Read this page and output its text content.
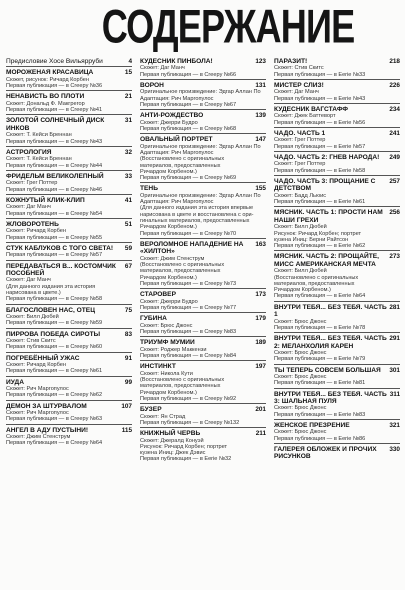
СОДЕРЖАНИЕ
Предисловие Хосе Вильярруби	4
МОРОЖЕНАЯ КРАСАВИЦА	15
Сюжет, рисунок: Ричард Корбен
Первая публикация — в Creepy №36
НЕНАВИСТЬ ВО ПЛОТИ	21
Сюжет: Дональд Ф. Макгрегор
Первая публикация — в Creepy №41
ЗОЛОТОЙ СОЛНЕЧНЫЙ ДИСК ИНКОВ
31
Сюжет: Т. Кейси Бреннан
Первая публикация — в Creepy №43
АСТРОЛОГИЯ	32
Сюжет: Т. Кейси Бреннан
Первая публикация — в Creepy №44
ФРИДЕЛЬМ ВЕЛИКОЛЕПНЫЙ	33
Сюжет: Грег Поттер
Первая публикация — в Creepy №46
КОЖНУТЫЙ КЛИК-КЛИП	41
Сюжет: Даг Манч
Первая публикация — в Creepy №54
ЖЛОВОРОТЕНЬ	51
Сюжет: Ричард Корбен
Первая публикация — в Creepy №55
СТУК КАБЛУКОВ С ТОГО СВЕТА!	59
Первая публикация — в Creepy №57
ПЕРЕДАВАТЬСЯ В... КОСТОМЧИК ПОСОБНЕЙ
67
Сюжет: Даг Манч
(Для данного издания эта история
нарисована в цвете.)
Первая публикация — в Creepy №58
БЛАГОСЛОВЕН НАС, ОТЕЦ	75
Сюжет: Билл Дюбей
Первая публикация — в Creepy №59
ПИРРОВА ПОБЕДА СИРОТЫ	83
Сюжет: Стив Скитс
Первая публикация — в Creepy №60
ПОГРЕБЁННЫЙ УЖАС	91
Сюжет: Ричард Корбен
Первая публикация — в Creepy №61
ИУДА	99
Сюжет: Рич Маргопулос
Первая публикация — в Creepy №62
ДЕМОН ЗА ШТУРВАЛОМ	107
Сюжет: Рич Маргопулос
Первая публикация — в Creepy №63
АНГЕЛ В АДУ ПУСТЫНИ!	115
Сюжет: Джим Стенструм
Первая публикация — в Creepy №64
КУДЕСНИК ПИНБОЛА!	123
Сюжет: Даг Манч
Первая публикация — в Creepy №66
ВОРОН	131
Оригинальное произведение: Эдгар Аллан По
Адаптация: Рич Маргопулос
Первая публикация — в Creepy №67
АНТИ-РОЖДЕСТВО	139
Сюжет: Джерри Будро
Первая публикация — в Creepy №68
ОВАЛЬНЫЙ ПОРТРЕТ	147
Оригинальное произведение: Эдгар Аллан По
Адаптация: Рич Маргопулос
(Восстановлено с оригинальных
материалов, предоставленных
Ричардом Корбеном.)
Первая публикация — в Creepy №69
ТЕНЬ	155
Оригинальное произведение: Эдгар Аллан По
Адаптация: Рич Маргопулос
(Для данного издания эта история впервые
нарисована в цвете и восстановлена с ори-
гинальных материалов, предоставленных
Ричардом Корбеном.)
Первая публикация — в Creepy №70
ВЕРОЛОМНОЕ НАПАДЕНИЕ НА «ХИЛТОН»
163
Сюжет: Джим Стенструм
(Восстановлено с оригинальных
материалов, предоставленных
Ричардом Корбеном.)
Первая публикация — в Creepy №73
СТАРОВЕР	173
Сюжет: Джерри Будро
Первая публикация — в Creepy №77
ГУБИНА	179
Сюжет: Брюс Джонс
Первая публикация — в Creepy №83
ТРИУМФ МУМИИ	189
Сюжет: Роджер Маккензи
Первая публикация — в Creepy №84
ИНСТИНКТ	197
Сюжет: Никола Кути
(Восстановлено с оригинальных
материалов, предоставленных
Ричардом Корбеном.)
Первая публикация — в Creepy №92
БУЗЕР	201
Сюжет: Ян Страд
Первая публикация — в Creepy №132
КНИЖНЫЙ ЧЕРВЬ	211
Сюжет: Джералд Конуэй
Рисунок: Ричард Корбен; портрет
кузена Иниц: Джек Дэвис
Первая публикация — в Eerie №32
ПАРАЗИТ!	218
Сюжет: Стив Скитс
Первая публикация — в Eerie №33
МИСТЕР СЛИЗ!	226
Сюжет: Даг Манч
Первая публикация — в Eerie №43
КУДЕСНИК ВАГСТАФФ	234
Сюжет: Джек Баттеворт
Первая публикация — в Eerie №56
ЧАДО. ЧАСТЬ 1	241
Сюжет: Грег Поттер
Первая публикация — в Eerie №57
ЧАДО. ЧАСТЬ 2: ГНЕВ НАРОДА!	249
Сюжет: Грег Поттер
Первая публикация — в Eerie №58
ЧАДО. ЧАСТЬ 3: ПРОЩАНИЕ С ДЕТСТВОМ
257
Сюжет: Бадд Льюис
Первая публикация — в Eerie №61
МЯСНИК. ЧАСТЬ 1: ПРОСТИ НАМ НАШИ ГРЕХИ
256
Сюжет: Билл Дюбей
Рисунок: Ричард Корбен; портрет
кузена Иниц: Берни Райтсон
Первая публикация — в Eerie №62
МЯСНИК. ЧАСТЬ 2: ПРОЩАЙТЕ, МИСС АМЕРИКАНСКАЯ МЕЧТА
273
Сюжет: Билл Дюбей
(Восстановлено с оригинальных
материалов, предоставленных
Ричардом Корбеном.)
Первая публикация — в Eerie №64
ВНУТРИ ТЕБЯ... БЕЗ ТЕБЯ. ЧАСТЬ 1
281
Сюжет: Брюс Джонс
Первая публикация — в Eerie №78
ВНУТРИ ТЕБЯ... БЕЗ ТЕБЯ. ЧАСТЬ 2: МЕЛАНХОЛИЯ КАРЕН
291
Сюжет: Брюс Джонс
Первая публикация — в Eerie №79
ТЫ ТЕПЕРЬ СОВСЕМ БОЛЬШАЯ	301
Сюжет: Брюс Джонс
Первая публикация — в Eerie №81
ВНУТРИ ТЕБЯ... БЕЗ ТЕБЯ. ЧАСТЬ 3: ШАЛЬНАЯ ПУЛЯ
311
Сюжет: Брюс Джонс
Первая публикация — в Eerie №83
ЖЕНСКОЕ ПРЕЗРЕНИЕ	321
Сюжет: Брюс Джонс
Первая публикация — в Eerie №86
ГАЛЕРЕЯ ОБЛОЖЕК И ПРОЧИХ РИСУНКОВ
330
